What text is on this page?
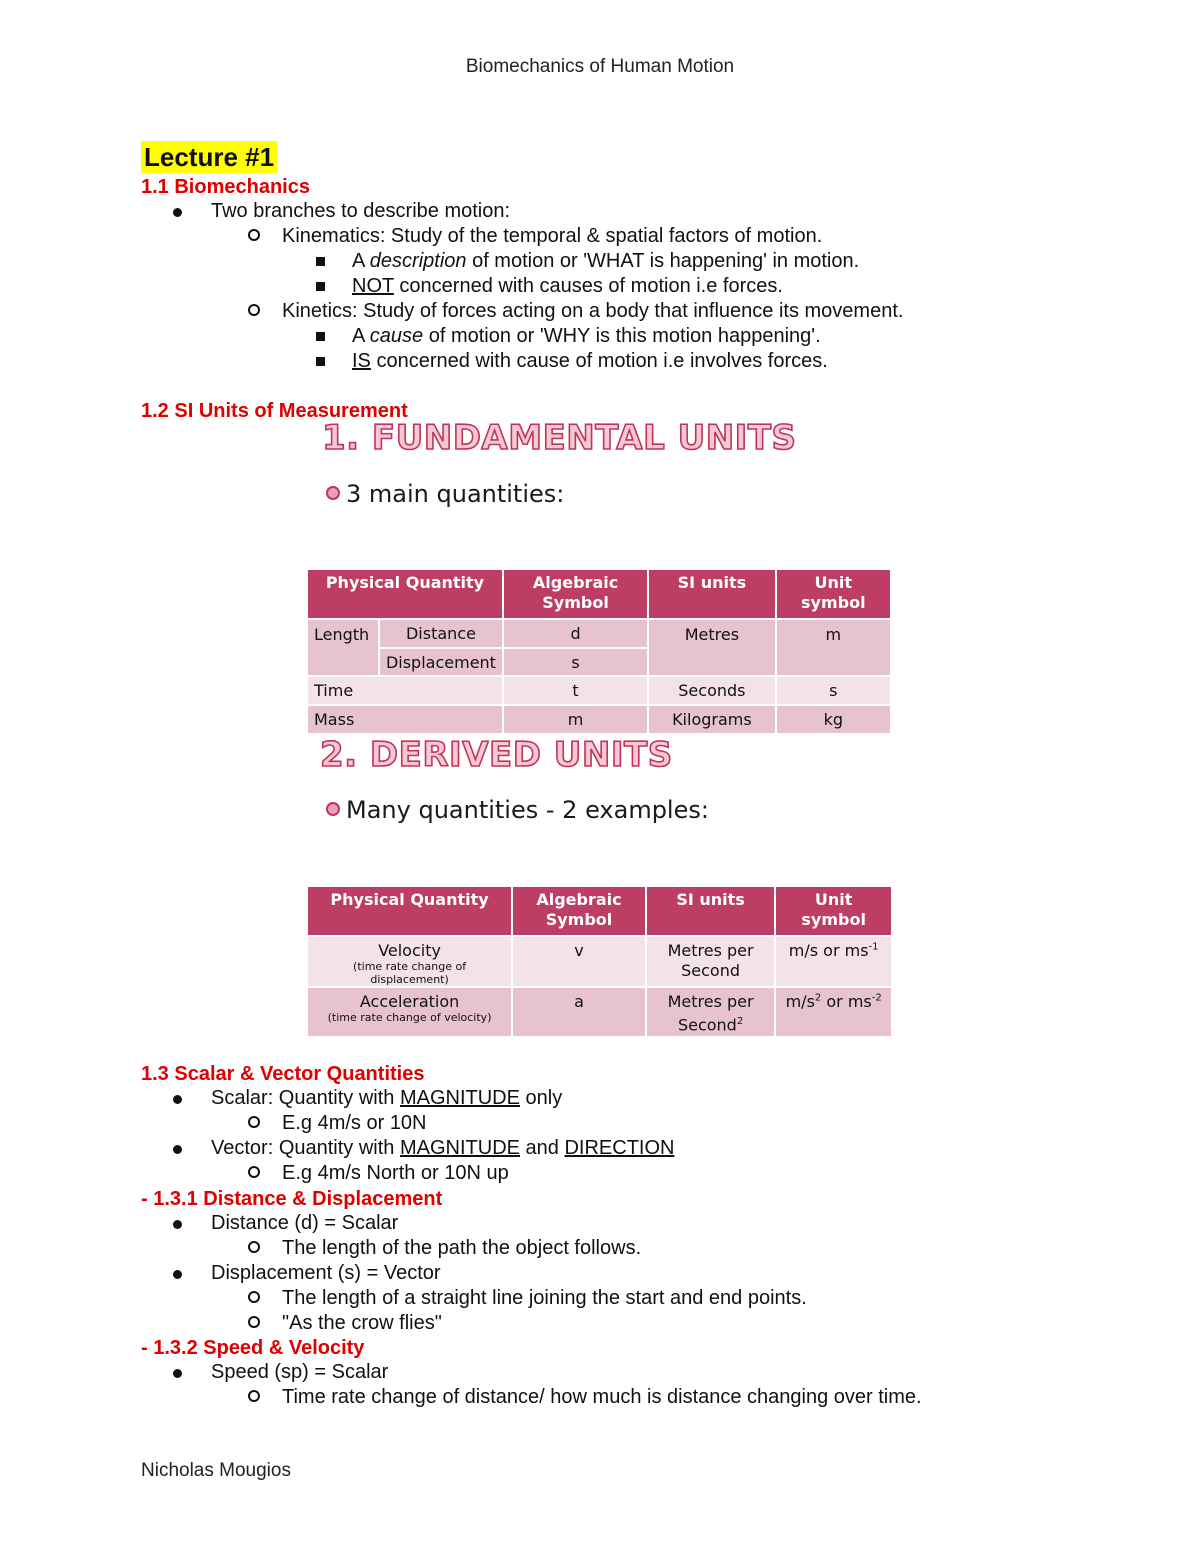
Biomechanics of Human Motion
Lecture #1
1.1 Biomechanics
Two branches to describe motion:
Kinematics: Study of the temporal & spatial factors of motion.
A description of motion or 'WHAT is happening' in motion.
NOT concerned with causes of motion i.e forces.
Kinetics: Study of forces acting on a body that influence its movement.
A cause of motion or 'WHY is this motion happening'.
IS concerned with cause of motion i.e involves forces.
1.2 SI Units of Measurement
1. FUNDAMENTAL UNITS
3 main quantities:
Physical Quantity		Algebraic Symbol	SI units	Unit symbol
Length	Distance	d	Metres	m
	Displacement	s		
Time		t	Seconds	s
Mass		m	Kilograms	kg
2. DERIVED UNITS
Many quantities - 2 examples:
Physical Quantity	Algebraic Symbol	SI units	Unit symbol
Velocity
(time rate change of displacement)	v	Metres per Second	m/s or $ms^{-1}$
Acceleration
(time rate change of velocity)	a	Metres per Second$^2$	$m/s^2$ or $ms^{-2}$
1.3 Scalar & Vector Quantities
Scalar: Quantity with MAGNITUDE only
E.g 4m/s or 10N
Vector: Quantity with MAGNITUDE and DIRECTION
E.g 4m/s North or 10N up
- 1.3.1 Distance & Displacement
Distance (d) = Scalar
The length of the path the object follows.
Displacement (s) = Vector
The length of a straight line joining the start and end points.
"As the crow flies"
- 1.3.2 Speed & Velocity
Speed (sp) = Scalar
Time rate change of distance/ how much is distance changing over time.
Nicholas Mougios
